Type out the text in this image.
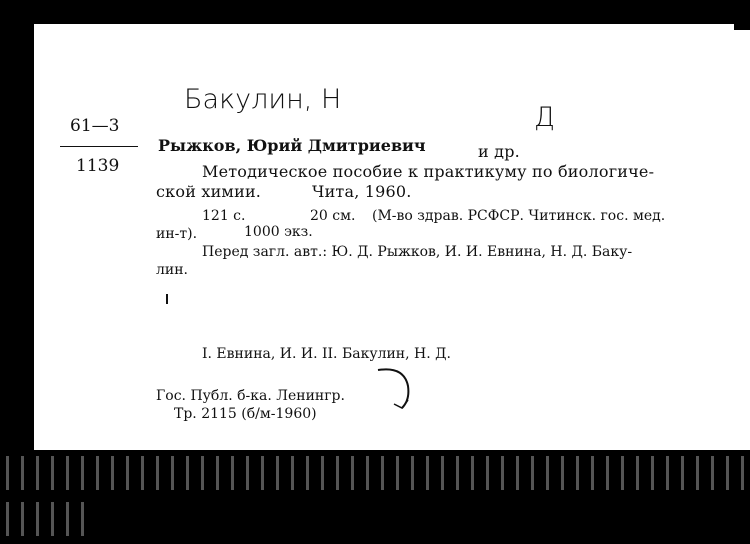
Бакулин, Н
Д
61—3
1139
Рыжков, Юрий Дмитриевич	и др.
Методическое пособие к практикуму по биологиче-
ской химии.	Чита, 1960.
121 с.	20 см. (М-во здрав. РСФСР. Читинск. гос. мед.
ин-т).	1000 экз.
Перед загл. авт.: Ю. Д. Рыжков, И. И. Евнина, Н. Д. Баку-
лин.
I. Евнина, И. И. II. Бакулин, Н. Д.
Гос. Публ. б-ка. Ленингр.
Тр. 2115 (б/м-1960)
